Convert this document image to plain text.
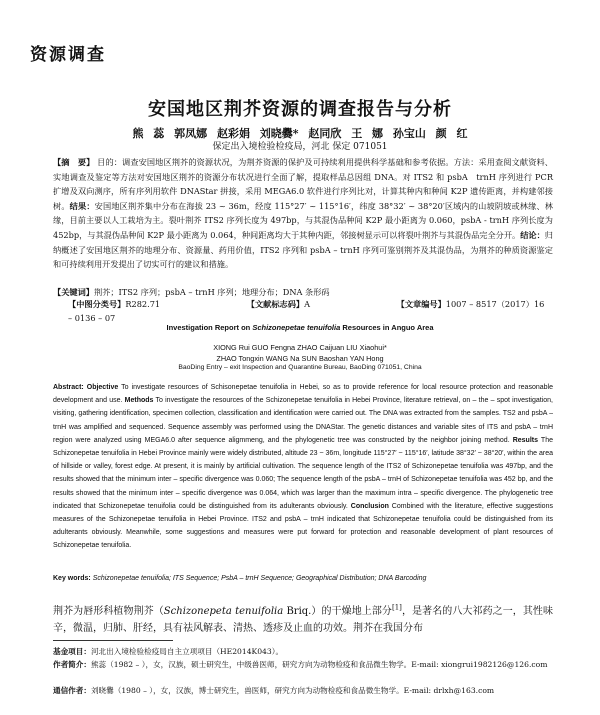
资源调查
安国地区荆芥资源的调查报告与分析
熊 蕊 郭凤娜 赵彩娟 刘晓爨* 赵同欣 王 娜 孙宝山 颜 红
保定出入境检验检疫局，河北 保定 071051
【摘　要】 目的：调查安国地区荆芥的资源状况，为荆芥资源的保护及可持续利用提供科学基础和参考依据。方法：采用查阅文献资料、实地调查及鉴定等方法对安国地区荆芥的资源分布状况进行全面了解，提取样品总因组 DNA。对 ITS2 和 psbA　trnH 序列进行 PCR 扩增及双向测序，所有序列用软件 DNAStar 拼接，采用 MEGA6.0 软件进行序列比对，计算其种内和种间 K2P 遗传距离，并构建邻接树。结果：安国地区荆芥集中分布在海拔 23 ~ 36m，经度 115°27′ ~ 115°16′，纬度 38°32′ ~ 38°20′区域内的山坡阴坡或林缘、林缘，目前主要以人工栽培为主。裂叶荆芥 ITS2 序列长度为 497bp，与其混伪品种间 K2P 最小距离为 0.060，psbA - trnH 序列长度为 452bp，与其混伪品种间 K2P 最小距离为 0.064，种间距离均大于其种内距，邻接树显示可以将裂叶荆芥与其混伪品完全分开。结论：归纳概述了安国地区荆芥的地理分布、资源量、药用价值，ITS2 序列和 psbA – trnH 序列可鉴别荆芥及其混伪品，为荆芥的种质资源鉴定和可持续利用开发提出了切实可行的建议和措施。
【关键词】荆芥；ITS2 序列；psbA – trnH 序列；地理分布；DNA 条形码
【中图分类号】R282.71	【文献标志码】A	【文章编号】1007 – 8517（2017）16 – 0136 – 07
Investigation Report on Schizonepetae tenuifolia Resources in Anguo Area
XIONG Rui GUO Fengna ZHAO Caijuan LIU Xiaohui*
ZHAO Tongxin WANG Na SUN Baoshan YAN Hong
BaoDing Entry – exit Inspection and Quarantine Bureau, BaoDing 071051, China
Abstract: Objective To investigate resources of Schisonepetae tenuifolia in Hebei, so as to provide reference for local resource protection and reasonable development and use. Methods To investigate the resources of the Schizonepetae tenuifolia in Hebei Province, literature retrieval, on – the – spot investigation, visiting, gathering identification, specimen collection, classification and identification were carried out. The DNA was extracted from the samples. TS2 and psbA – trnH was amplified and sequenced. Sequence assembly was performed using the DNAStar. The genetic distances and variable sites of ITS and psbA – trnH region were analyzed using MEGA6.0 after sequence aligmmeng, and the phylogenetic tree was constructed by the neighbor joining method. Results The Schizonepetae tenuifolia in Hebei Province mainly were widely distributed, altitude 23 ~ 36m, longitude 115°27′ ~ 115°16′, latitude 38°32′ ~ 38°20′, within the area of hillside or valley, forest edge. At present, it is mainly by artificial cultivation. The sequence length of the ITS2 of Schizonepetae tenuifolia was 497bp, and the results showed that the minimum inter – specific divergence was 0.060; The sequence length of the psbA – trnH of Schizonepetae tenuifolia was 452 bp, and the results showed that the minimum inter – specific divergence was 0.064, which was larger than the maximum intra – specific divergence. The phylogenetic tree indicated that Schizonepetae tenuifolia could be distinguished from its adulterants obviously. Conclusion Combined with the literature, effective suggestions measures of the Schizonepetae tenuifolia in Hebei Province. ITS2 and psbA – trnH indicated that Schizonepetae tenuifolia could be distinguished from its adulterants obviously. Meanwhile, some suggestions and measures were put forward for protection and reasonable development of plant resources of Schizonepetae tenuifolia.
Key words: Schizonepetae tenuifolia; ITS Sequence; PsbA – trnH Sequence; Geographical Distribution; DNA Barcoding
荆芥为唇形科植物荆芥（Schizonepeta tenuifolia Briq.）的干燥地上部分[1]，是著名的八大祁药之一，其性味辛，微温，归肺、肝经，具有祛风解表、清热、透疹及止血的功效。荆芥在我国分布
基金项目：河北出入境检验检疫局自主立项项目（HE2014K043）。
作者简介：熊蕊（1982 – ），女，汉族，硕士研究生，中级兽医师，研究方向为动物检疫和食品微生物学。E-mail: xiongrui1982126@126.com
通信作者：刘晓爨（1980 – ），女，汉族，博士研究生，兽医师，研究方向为动物检疫和食品微生物学。E-mail: drlxh@163.com
